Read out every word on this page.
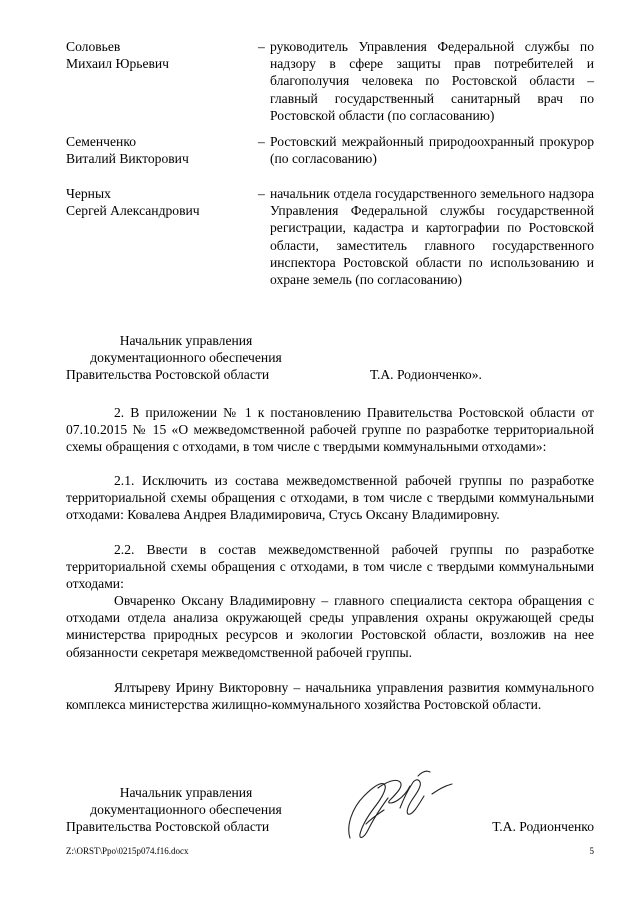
Соловьев
Михаил Юрьевич
– руководитель Управления Федеральной службы по надзору в сфере защиты прав потребителей и благополучия человека по Ростовской области – главный государственный санитарный врач по Ростовской области (по согласованию)
Семенченко
Виталий Викторович
– Ростовский межрайонный природоохранный прокурор (по согласованию)
Черных
Сергей Александрович
– начальник отдела государственного земельного надзора Управления Федеральной службы государственной регистрации, кадастра и картографии по Ростовской области, заместитель главного государственного инспектора Ростовской области по использованию и охране земель (по согласованию)
Начальник управления
документационного обеспечения
Правительства Ростовской области	Т.А. Родионченко».
2. В приложении № 1 к постановлению Правительства Ростовской области от 07.10.2015 № 15 «О межведомственной рабочей группе по разработке территориальной схемы обращения с отходами, в том числе с твердыми коммунальными отходами»:
2.1. Исключить из состава межведомственной рабочей группы по разработке территориальной схемы обращения с отходами, в том числе с твердыми коммунальными отходами: Ковалева Андрея Владимировича, Стусь Оксану Владимировну.
2.2. Ввести в состав межведомственной рабочей группы по разработке территориальной схемы обращения с отходами, в том числе с твердыми коммунальными отходами:
Овчаренко Оксану Владимировну – главного специалиста сектора обращения с отходами отдела анализа окружающей среды управления охраны окружающей среды министерства природных ресурсов и экологии Ростовской области, возложив на нее обязанности секретаря межведомственной рабочей группы.
Ялтыреву Ирину Викторовну – начальника управления развития коммунального комплекса министерства жилищно-коммунального хозяйства Ростовской области.
Начальник управления
документационного обеспечения
Правительства Ростовской области	Т.А. Родионченко
Z:\ORST\Ppo\0215p074.f16.docx	5
